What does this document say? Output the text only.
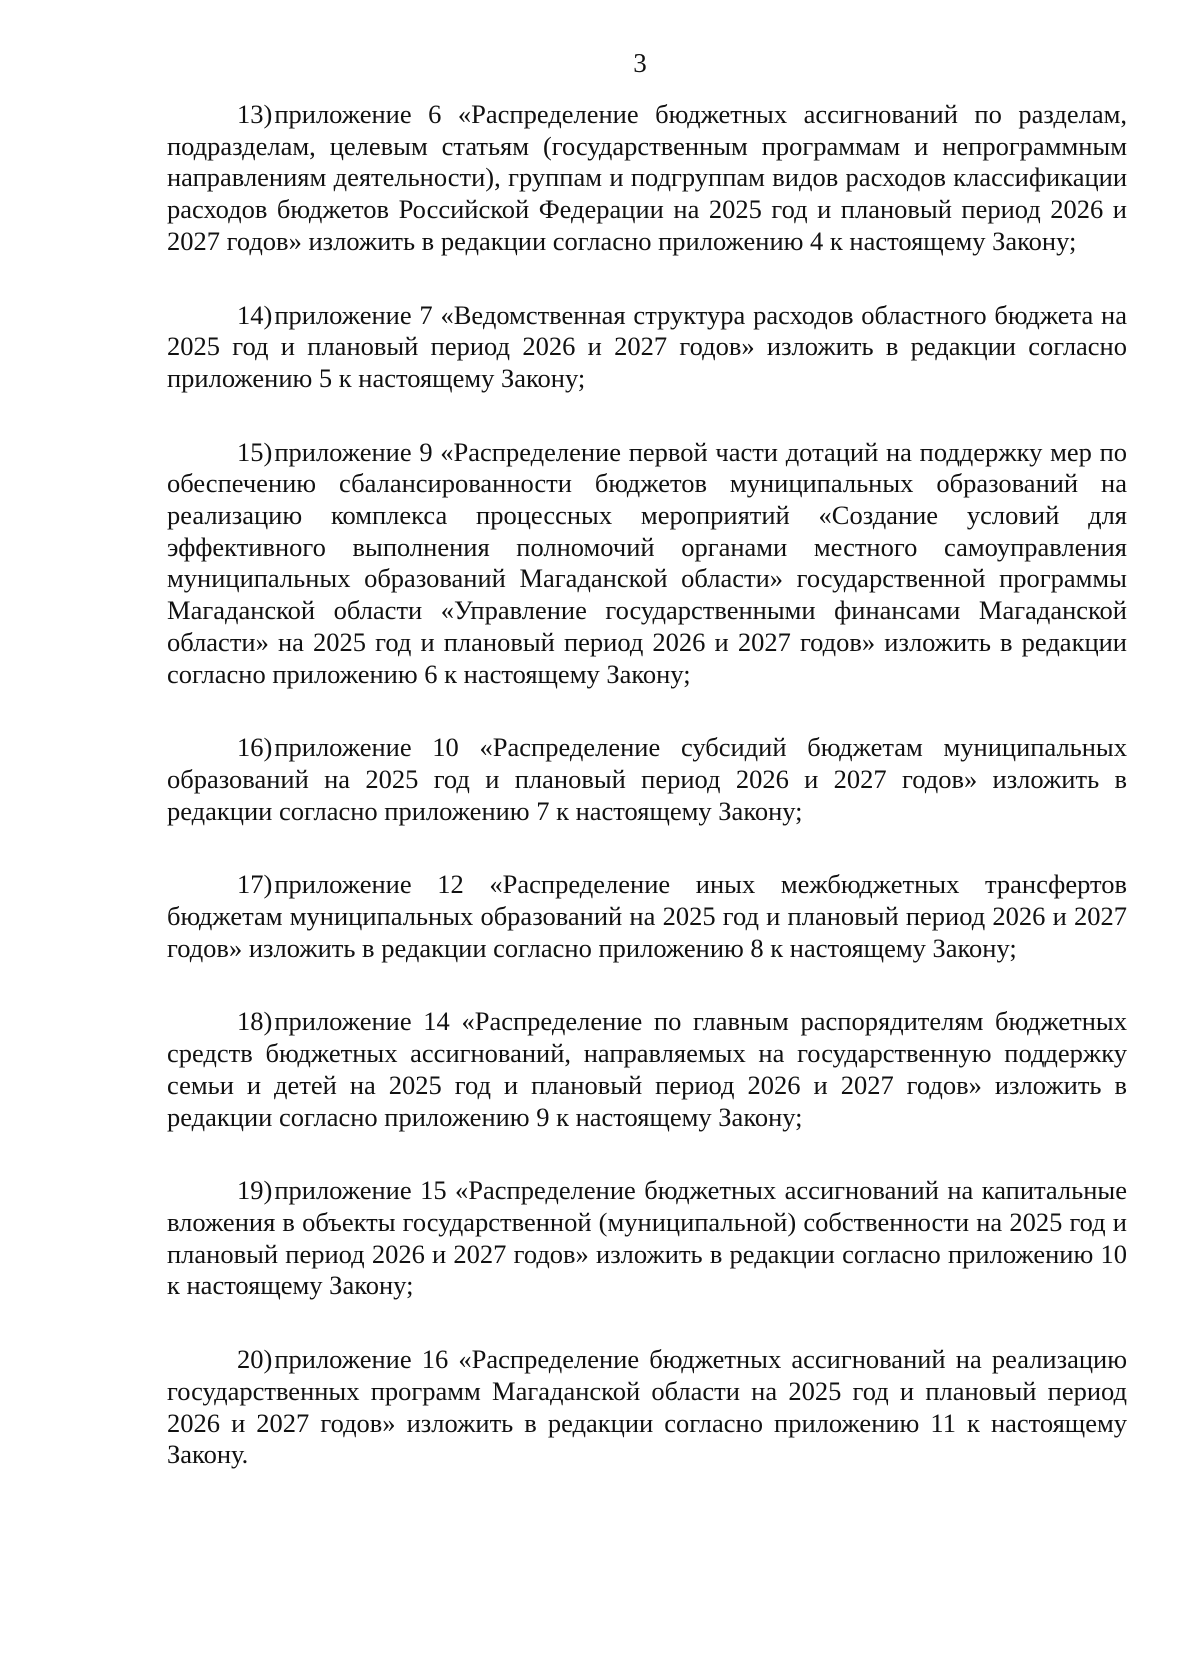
3

13)приложение 6 «Распределение бюджетных ассигнований по разделам, подразделам, целевым статьям (государственным программам и непрограммным направлениям деятельности), группам и подгруппам видов расходов классификации расходов бюджетов Российской Федерации на 2025 год и плановый период 2026 и 2027 годов» изложить в редакции согласно приложению 4 к настоящему Закону;

14)приложение 7 «Ведомственная структура расходов областного бюджета на 2025 год и плановый период 2026 и 2027 годов» изложить в редакции согласно приложению 5 к настоящему Закону;

15)приложение 9 «Распределение первой части дотаций на поддержку мер по обеспечению сбалансированности бюджетов муниципальных образований на реализацию комплекса процессных мероприятий «Создание условий для эффективного выполнения полномочий органами местного самоуправления муниципальных образований Магаданской области» государственной программы Магаданской области «Управление государственными финансами Магаданской области» на 2025 год и плановый период 2026 и 2027 годов» изложить в редакции согласно приложению 6 к настоящему Закону;

16)приложение 10 «Распределение субсидий бюджетам муниципальных образований на 2025 год и плановый период 2026 и 2027 годов» изложить в редакции согласно приложению 7 к настоящему Закону;

17)приложение 12 «Распределение иных межбюджетных трансфертов бюджетам муниципальных образований на 2025 год и плановый период 2026 и 2027 годов» изложить в редакции согласно приложению 8 к настоящему Закону;

18)приложение 14 «Распределение по главным распорядителям бюджетных средств бюджетных ассигнований, направляемых на государственную поддержку семьи и детей на 2025 год и плановый период 2026 и 2027 годов» изложить в редакции согласно приложению 9 к настоящему Закону;

19)приложение 15 «Распределение бюджетных ассигнований на капитальные вложения в объекты государственной (муниципальной) собственности на 2025 год и плановый период 2026 и 2027 годов» изложить в редакции согласно приложению 10 к настоящему Закону;

20)приложение 16 «Распределение бюджетных ассигнований на реализацию государственных программ Магаданской области на 2025 год и плановый период 2026 и 2027 годов» изложить в редакции согласно приложению 11 к настоящему Закону.
